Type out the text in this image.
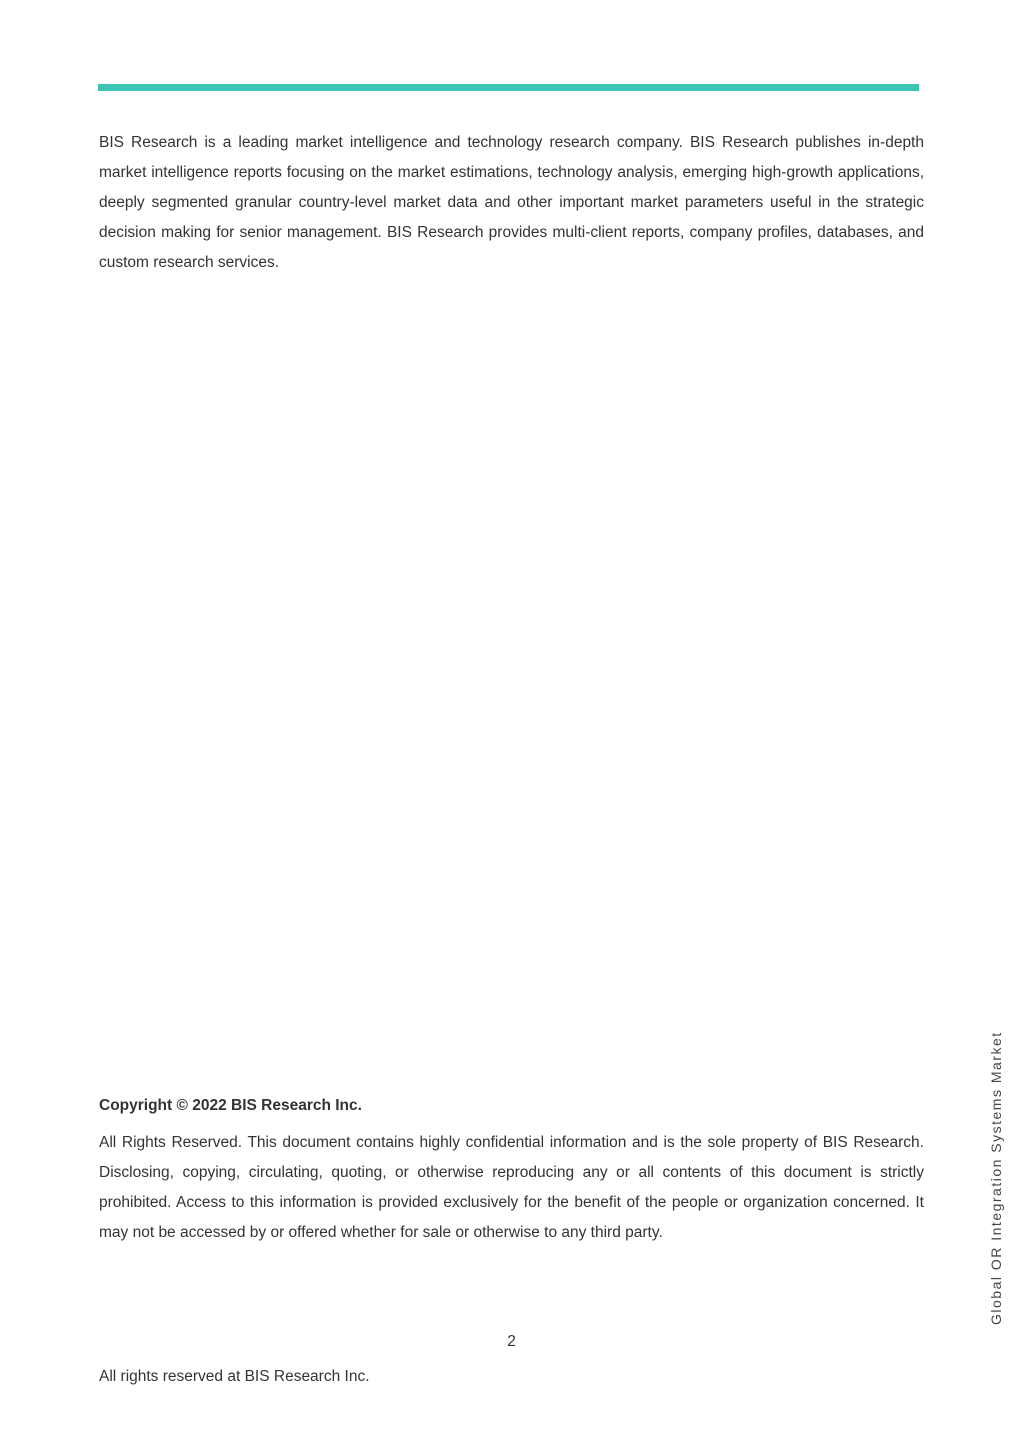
BIS Research is a leading market intelligence and technology research company. BIS Research publishes in-depth market intelligence reports focusing on the market estimations, technology analysis, emerging high-growth applications, deeply segmented granular country-level market data and other important market parameters useful in the strategic decision making for senior management. BIS Research provides multi-client reports, company profiles, databases, and custom research services.

Copyright © 2022 BIS Research Inc.

All Rights Reserved. This document contains highly confidential information and is the sole property of BIS Research. Disclosing, copying, circulating, quoting, or otherwise reproducing any or all contents of this document is strictly prohibited. Access to this information is provided exclusively for the benefit of the people or organization concerned. It may not be accessed by or offered whether for sale or otherwise to any third party.

2
All rights reserved at BIS Research Inc.
Global OR Integration Systems Market
